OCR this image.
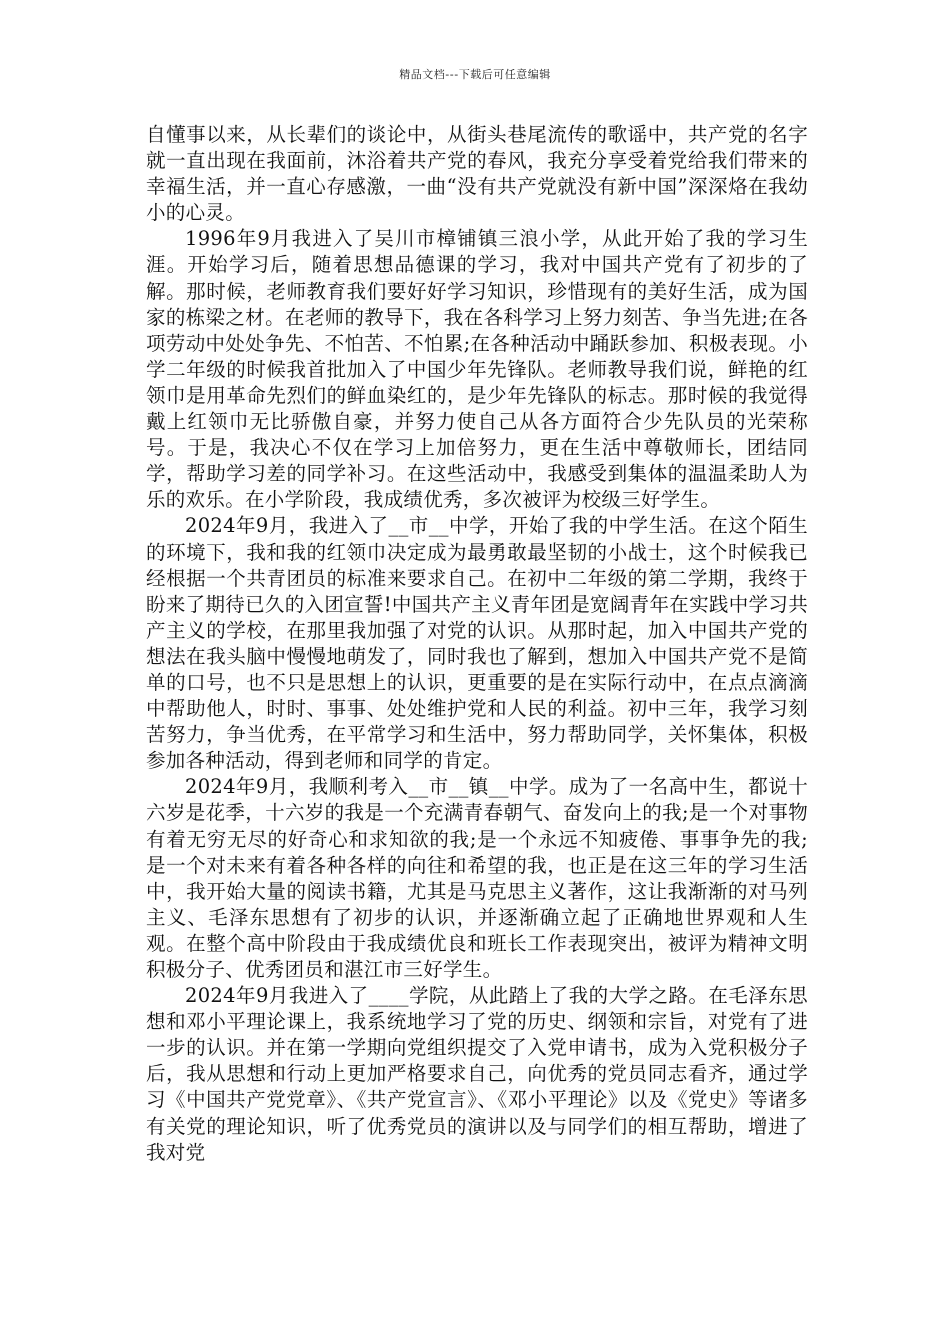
精品文档---下载后可任意编辑

自懂事以来，从长辈们的谈论中，从街头巷尾流传的歌谣中，共产党的名字就一直出现在我面前，沐浴着共产党的春风，我充分享受着党给我们带来的幸福生活，并一直心存感激，一曲“没有共产党就没有新中国”深深烙在我幼小的心灵。

1996年9月我进入了吴川市樟铺镇三浪小学，从此开始了我的学习生涯。开始学习后，随着思想品德课的学习，我对中国共产党有了初步的了解。那时候，老师教育我们要好好学习知识，珍惜现有的美好生活，成为国家的栋梁之材。在老师的教导下，我在各科学习上努力刻苦、争当先进;在各项劳动中处处争先、不怕苦、不怕累;在各种活动中踊跃参加、积极表现。小学二年级的时候我首批加入了中国少年先锋队。老师教导我们说，鲜艳的红领巾是用革命先烈们的鲜血染红的，是少年先锋队的标志。那时候的我觉得戴上红领巾无比骄傲自豪，并努力使自己从各方面符合少先队员的光荣称号。于是，我决心不仅在学习上加倍努力，更在生活中尊敬师长，团结同学，帮助学习差的同学补习。在这些活动中，我感受到集体的温温柔助人为乐的欢乐。在小学阶段，我成绩优秀，多次被评为校级三好学生。

2024年9月，我进入了__市__中学，开始了我的中学生活。在这个陌生的环境下，我和我的红领巾决定成为最勇敢最坚韧的小战士，这个时候我已经根据一个共青团员的标准来要求自己。在初中二年级的第二学期，我终于盼来了期待已久的入团宣誓!中国共产主义青年团是宽阔青年在实践中学习共产主义的学校，在那里我加强了对党的认识。从那时起，加入中国共产党的想法在我头脑中慢慢地萌发了，同时我也了解到，想加入中国共产党不是简单的口号，也不只是思想上的认识，更重要的是在实际行动中，在点点滴滴中帮助他人，时时、事事、处处维护党和人民的利益。初中三年，我学习刻苦努力，争当优秀，在平常学习和生活中，努力帮助同学，关怀集体，积极参加各种活动，得到老师和同学的肯定。

2024年9月，我顺利考入__市__镇__中学。成为了一名高中生，都说十六岁是花季，十六岁的我是一个充满青春朝气、奋发向上的我;是一个对事物有着无穷无尽的好奇心和求知欲的我;是一个永远不知疲倦、事事争先的我;是一个对未来有着各种各样的向往和希望的我，也正是在这三年的学习生活中，我开始大量的阅读书籍，尤其是马克思主义著作，这让我渐渐的对马列主义、毛泽东思想有了初步的认识，并逐渐确立起了正确地世界观和人生观。在整个高中阶段由于我成绩优良和班长工作表现突出，被评为精神文明积极分子、优秀团员和湛江市三好学生。

2024年9月我进入了____学院，从此踏上了我的大学之路。在毛泽东思想和邓小平理论课上，我系统地学习了党的历史、纲领和宗旨，对党有了进一步的认识。并在第一学期向党组织提交了入党申请书，成为入党积极分子后，我从思想和行动上更加严格要求自己，向优秀的党员同志看齐，通过学习《中国共产党党章》、《共产党宣言》、《邓小平理论》以及《党史》等诸多有关党的理论知识，听了优秀党员的演讲以及与同学们的相互帮助，增进了我对党
